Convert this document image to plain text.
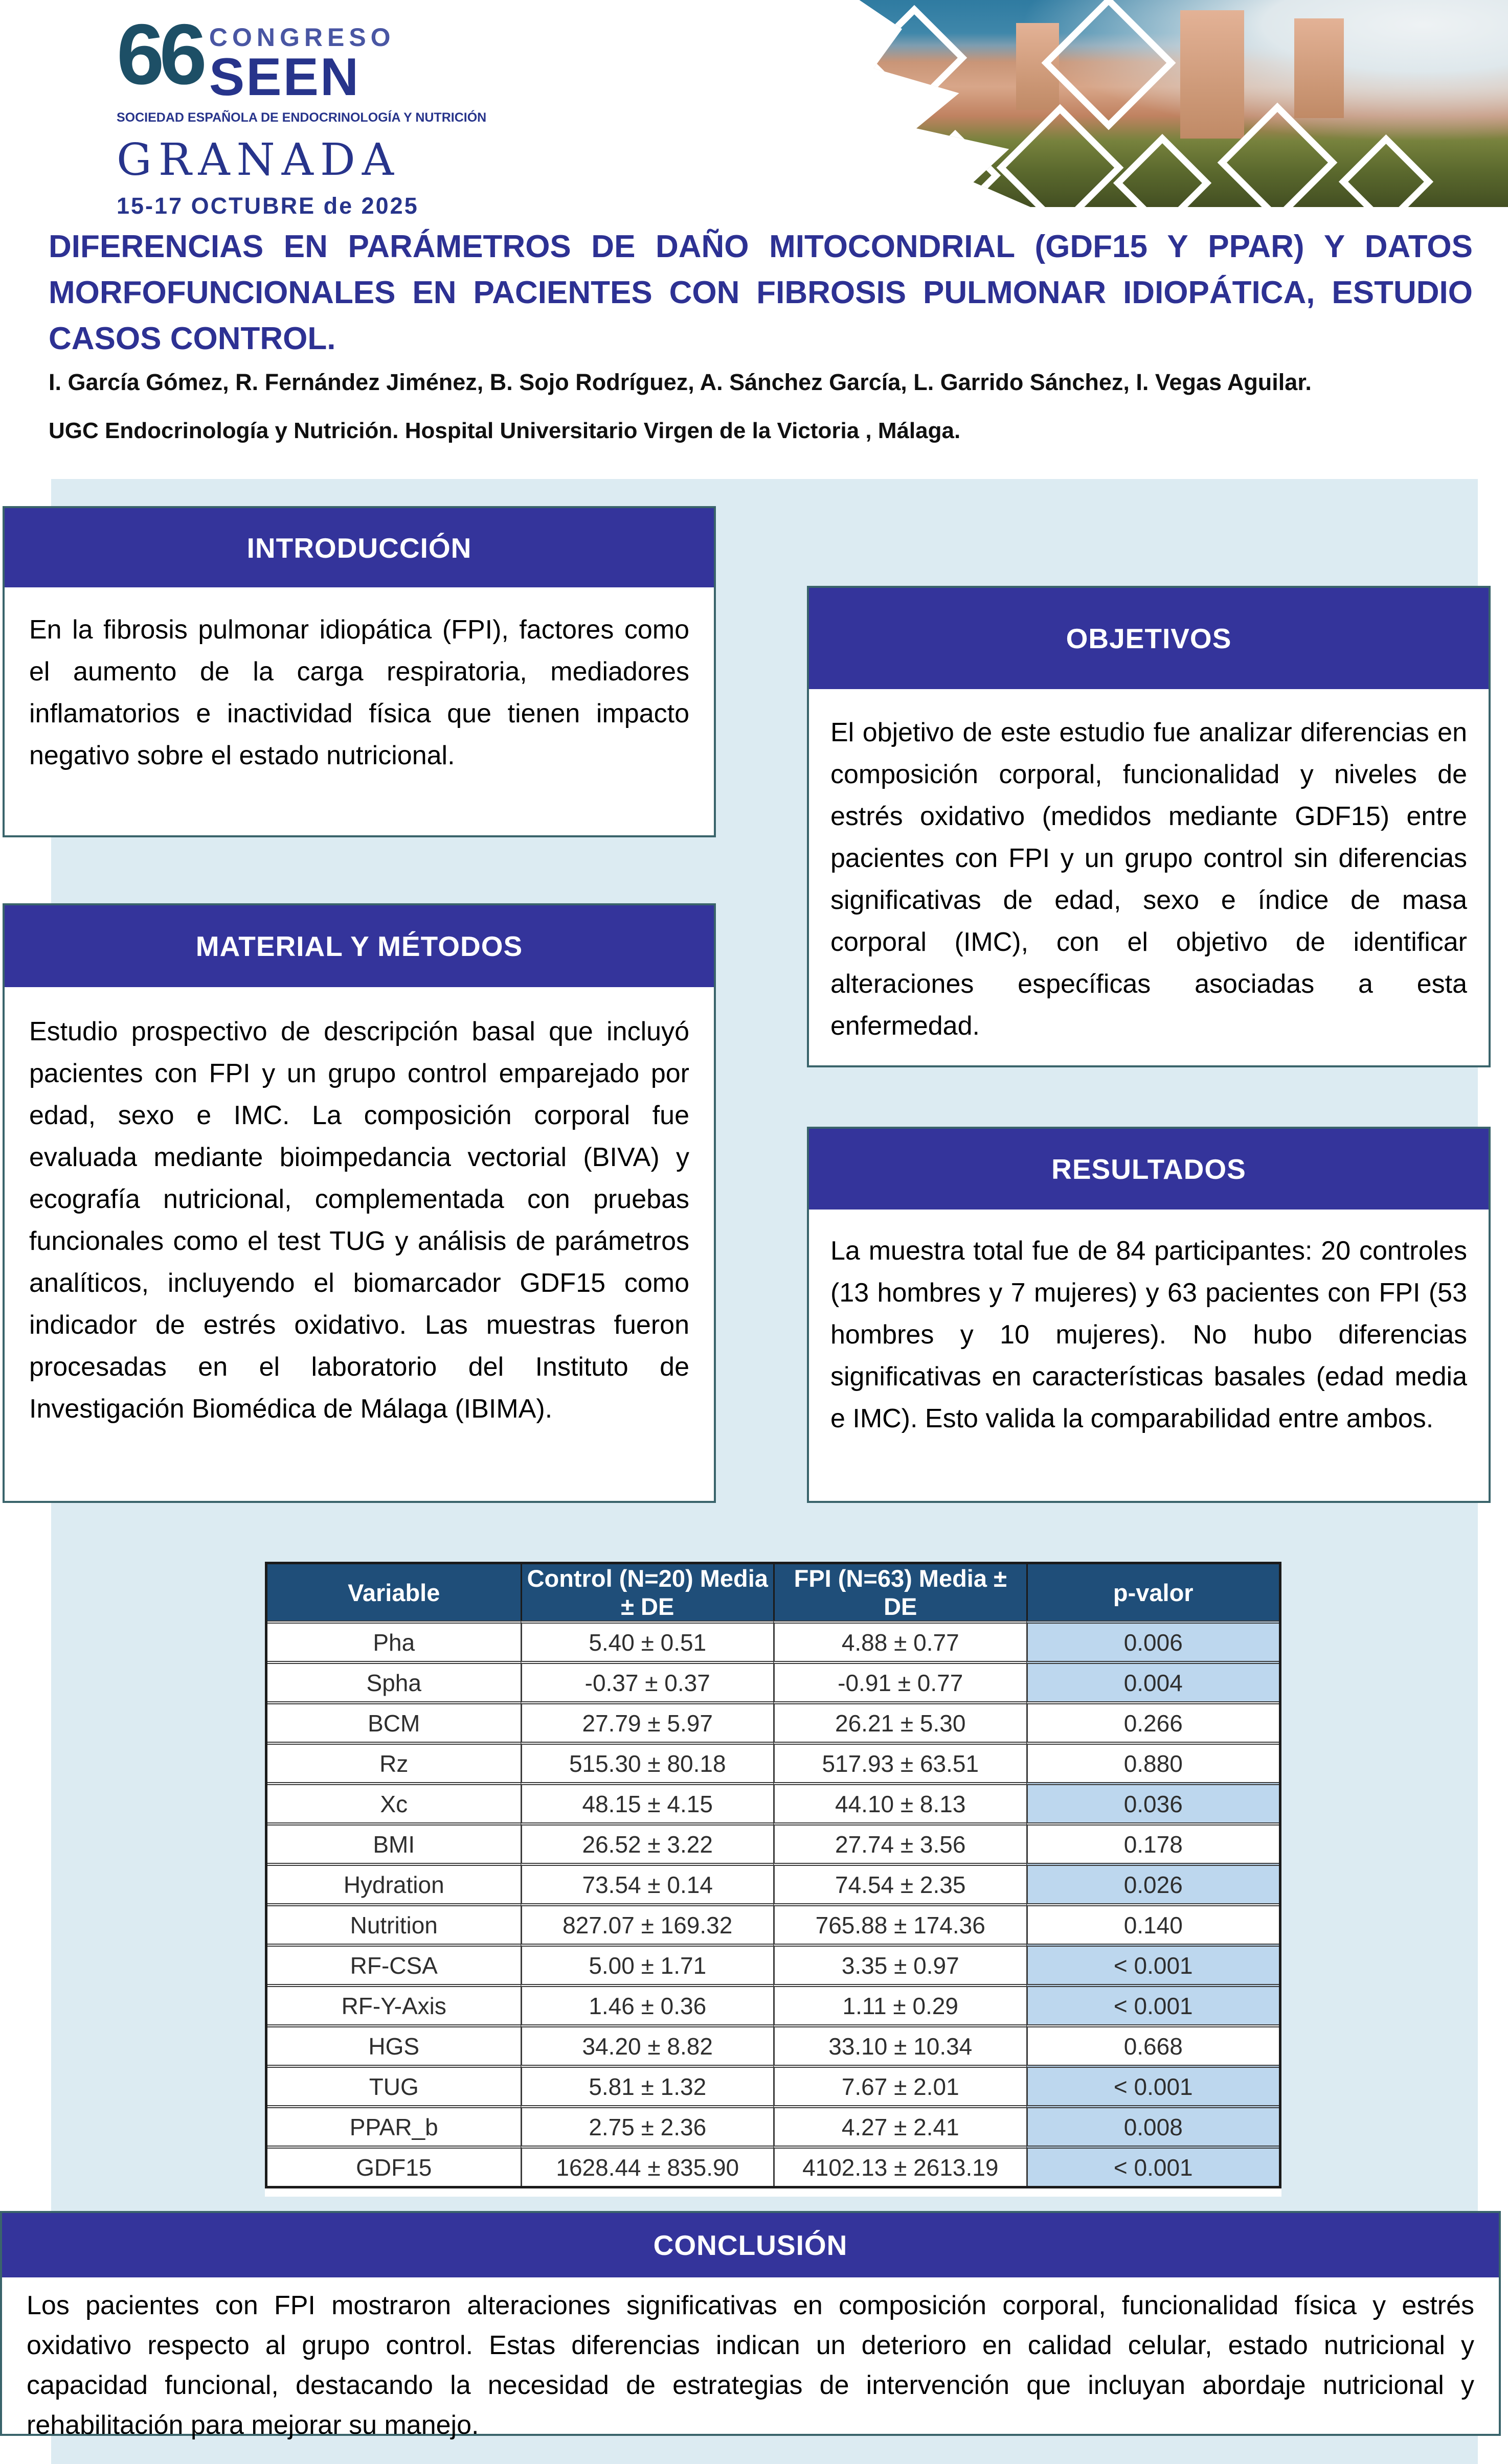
66 CONGRESO
SEEN
SOCIEDAD ESPAÑOLA DE ENDOCRINOLOGÍA Y NUTRICIÓN
GRANADA
15-17 OCTUBRE de 2025
DIFERENCIAS EN PARÁMETROS DE DAÑO MITOCONDRIAL (GDF15 Y PPAR) Y DATOS
MORFOFUNCIONALES EN PACIENTES CON FIBROSIS PULMONAR IDIOPÁTICA, ESTUDIO
CASOS CONTROL.
I. García Gómez, R. Fernández Jiménez, B. Sojo Rodríguez, A. Sánchez García, L. Garrido Sánchez, I. Vegas Aguilar.
UGC Endocrinología y Nutrición. Hospital Universitario Virgen de la Victoria , Málaga.
INTRODUCCIÓN
En la fibrosis pulmonar idiopática (FPI), factores como el aumento de la carga respiratoria, mediadores inflamatorios e inactividad física que tienen impacto negativo sobre el estado nutricional.
MATERIAL Y MÉTODOS
Estudio prospectivo de descripción basal que incluyó pacientes con FPI y un grupo control emparejado por edad, sexo e IMC. La composición corporal fue evaluada mediante bioimpedancia vectorial (BIVA) y ecografía nutricional, complementada con pruebas funcionales como el test TUG y análisis de parámetros analíticos, incluyendo el biomarcador GDF15 como indicador de estrés oxidativo. Las muestras fueron procesadas en el laboratorio del Instituto de Investigación Biomédica de Málaga (IBIMA).
OBJETIVOS
El objetivo de este estudio fue analizar diferencias en composición corporal, funcionalidad y niveles de estrés oxidativo (medidos mediante GDF15) entre pacientes con FPI y un grupo control sin diferencias significativas de edad, sexo e índice de masa corporal (IMC), con el objetivo de identificar alteraciones específicas asociadas a esta enfermedad.
RESULTADOS
La muestra total fue de 84 participantes: 20 controles (13 hombres y 7 mujeres) y 63 pacientes con FPI (53 hombres y 10 mujeres). No hubo diferencias significativas en características basales (edad media e IMC). Esto valida la comparabilidad entre ambos.
Variable	Control (N=20) Media ± DE	FPI (N=63) Media ± DE	p-valor
Pha	5.40 ± 0.51	4.88 ± 0.77	0.006
Spha	-0.37 ± 0.37	-0.91 ± 0.77	0.004
BCM	27.79 ± 5.97	26.21 ± 5.30	0.266
Rz	515.30 ± 80.18	517.93 ± 63.51	0.880
Xc	48.15 ± 4.15	44.10 ± 8.13	0.036
BMI	26.52 ± 3.22	27.74 ± 3.56	0.178
Hydration	73.54 ± 0.14	74.54 ± 2.35	0.026
Nutrition	827.07 ± 169.32	765.88 ± 174.36	0.140
RF-CSA	5.00 ± 1.71	3.35 ± 0.97	< 0.001
RF-Y-Axis	1.46 ± 0.36	1.11 ± 0.29	< 0.001
HGS	34.20 ± 8.82	33.10 ± 10.34	0.668
TUG	5.81 ± 1.32	7.67 ± 2.01	< 0.001
PPAR_b	2.75 ± 2.36	4.27 ± 2.41	0.008
GDF15	1628.44 ± 835.90	4102.13 ± 2613.19	< 0.001
CONCLUSIÓN
Los pacientes con FPI mostraron alteraciones significativas en composición corporal, funcionalidad física y estrés oxidativo respecto al grupo control. Estas diferencias indican un deterioro en calidad celular, estado nutricional y capacidad funcional, destacando la necesidad de estrategias de intervención que incluyan abordaje nutricional y rehabilitación para mejorar su manejo.
